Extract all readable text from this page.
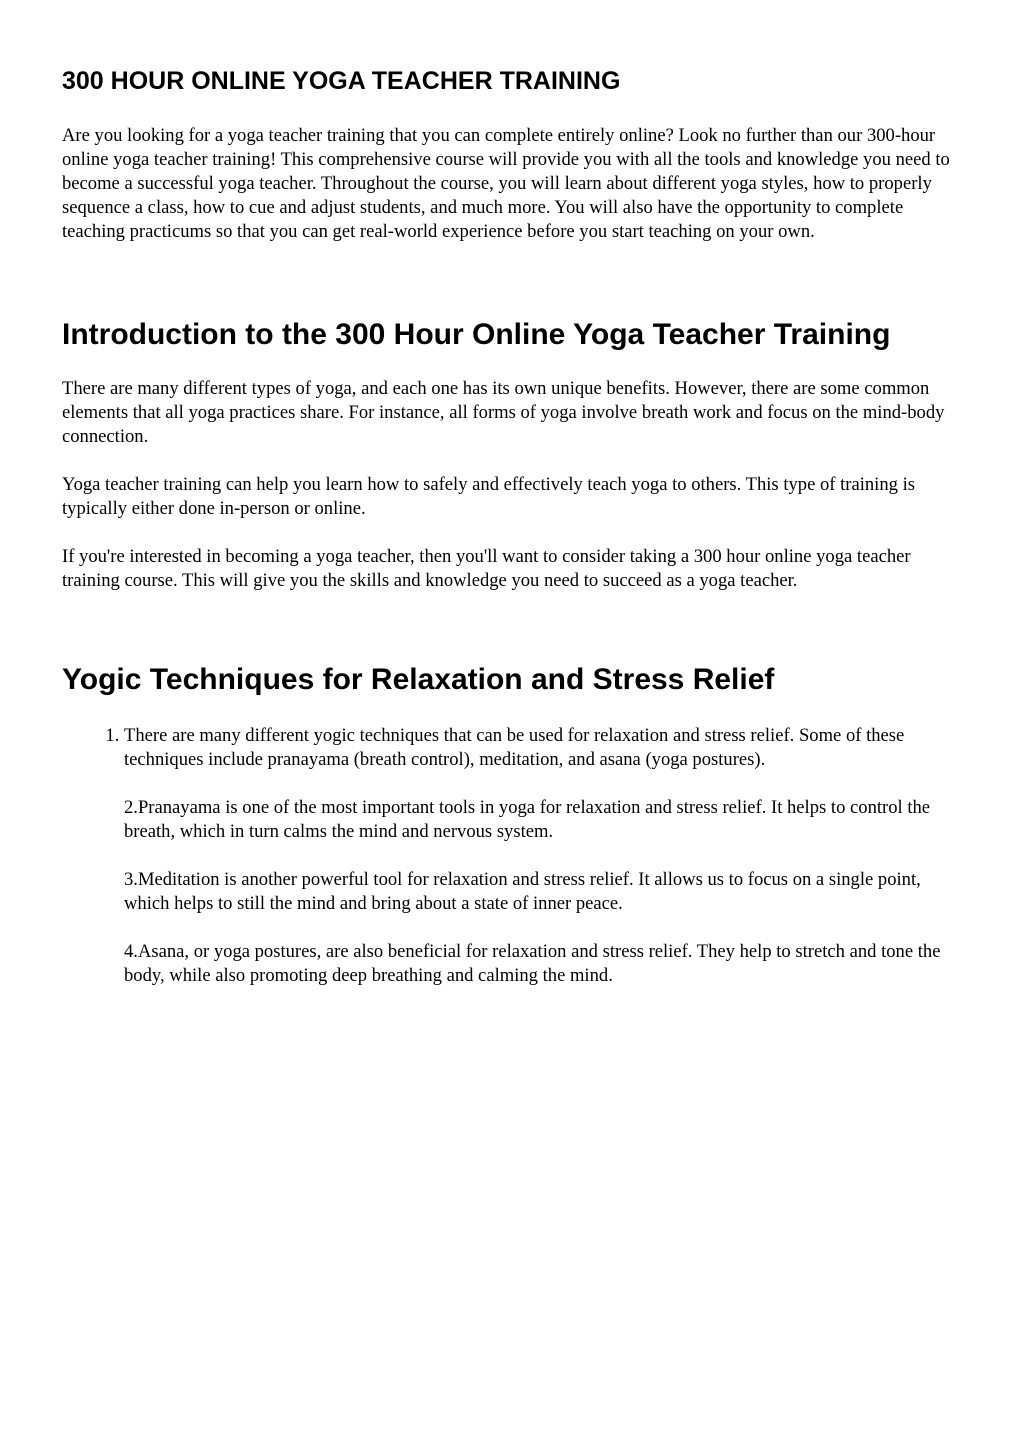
300 HOUR ONLINE YOGA TEACHER TRAINING

Are you looking for a yoga teacher training that you can complete entirely online? Look no further than our 300-hour online yoga teacher training! This comprehensive course will provide you with all the tools and knowledge you need to become a successful yoga teacher. Throughout the course, you will learn about different yoga styles, how to properly sequence a class, how to cue and adjust students, and much more. You will also have the opportunity to complete teaching practicums so that you can get real-world experience before you start teaching on your own.

Introduction to the 300 Hour Online Yoga Teacher Training

There are many different types of yoga, and each one has its own unique benefits. However, there are some common elements that all yoga practices share. For instance, all forms of yoga involve breath work and focus on the mind-body connection.

Yoga teacher training can help you learn how to safely and effectively teach yoga to others. This type of training is typically either done in-person or online.

If you're interested in becoming a yoga teacher, then you'll want to consider taking a 300 hour online yoga teacher training course. This will give you the skills and knowledge you need to succeed as a yoga teacher.

Yogic Techniques for Relaxation and Stress Relief

1. There are many different yogic techniques that can be used for relaxation and stress relief. Some of these techniques include pranayama (breath control), meditation, and asana (yoga postures).

2.Pranayama is one of the most important tools in yoga for relaxation and stress relief. It helps to control the breath, which in turn calms the mind and nervous system.

3.Meditation is another powerful tool for relaxation and stress relief. It allows us to focus on a single point, which helps to still the mind and bring about a state of inner peace.

4.Asana, or yoga postures, are also beneficial for relaxation and stress relief. They help to stretch and tone the body, while also promoting deep breathing and calming the mind.
